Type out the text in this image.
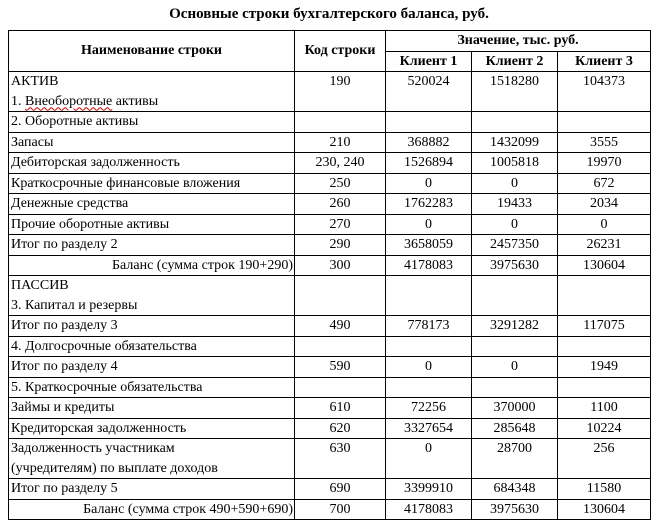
Основные строки бухгалтерского баланса, руб.
Наименование строки	Код строки	Значение, тыс. руб.		
		Клиент 1	Клиент 2	Клиент 3
АКТИВ
1. Внеоборотные активы	190	520024	1518280	104373
2. Оборотные активы				
Запасы	210	368882	1432099	3555
Дебиторская задолженность	230, 240	1526894	1005818	19970
Краткосрочные финансовые вложения	250	0	0	672
Денежные средства	260	1762283	19433	2034
Прочие оборотные активы	270	0	0	0
Итог по разделу 2	290	3658059	2457350	26231
Баланс (сумма строк 190+290)	300	4178083	3975630	130604
ПАССИВ
3. Капитал и резервы				
Итог по разделу 3	490	778173	3291282	117075
4. Долгосрочные обязательства				
Итог по разделу 4	590	0	0	1949
5. Краткосрочные обязательства				
Займы и кредиты	610	72256	370000	1100
Кредиторская задолженность	620	3327654	285648	10224
Задолженность участникам
(учредителям) по выплате доходов	630	0	28700	256
Итог по разделу 5	690	3399910	684348	11580
Баланс (сумма строк 490+590+690)	700	4178083	3975630	130604
